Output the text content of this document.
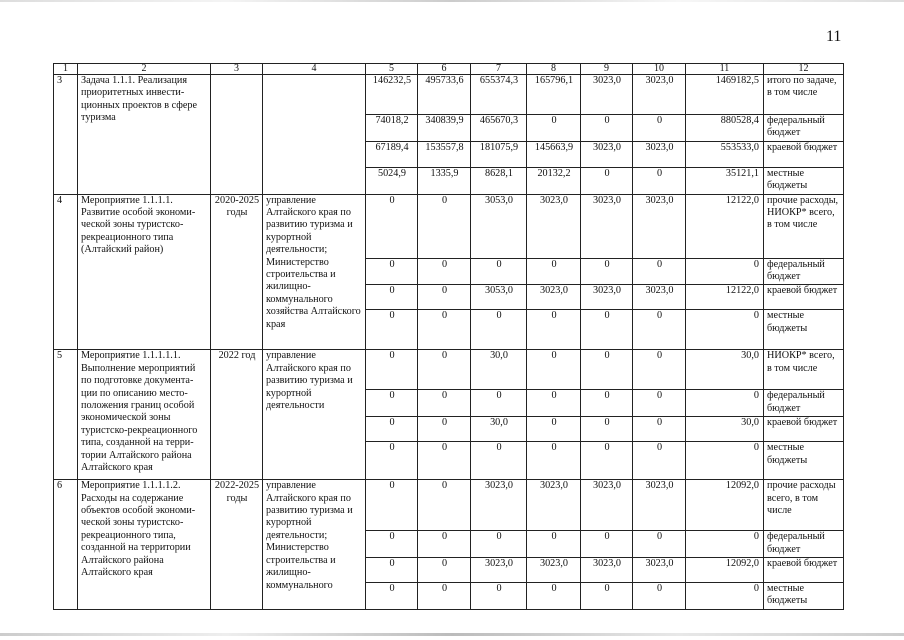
11
1	2	3	4	5	6	7	8	9	10	11	12
3	Задача 1.1.1. Реализация приоритетных инвести-ционных проектов в сфере туризма			146232,5	495733,6	655374,3	165796,1	3023,0	3023,0	1469182,5	итого по задаче, в том числе
				74018,2	340839,9	465670,3	0	0	0	880528,4	федеральный бюджет
				67189,4	153557,8	181075,9	145663,9	3023,0	3023,0	553533,0	краевой бюджет
				5024,9	1335,9	8628,1	20132,2	0	0	35121,1	местные бюджеты
4	Мероприятие 1.1.1.1. Развитие особой экономи-ческой зоны туристско-рекреационного типа (Алтайский район)	2020-2025 годы	управление Алтайского края по развитию туризма и курортной деятельности; Министерство строительства и жилищно-коммунального хозяйства Алтайского края	0	0	3053,0	3023,0	3023,0	3023,0	12122,0	прочие расходы, НИОКР* всего, в том числе
				0	0	0	0	0	0	0	федеральный бюджет
				0	0	3053,0	3023,0	3023,0	3023,0	12122,0	краевой бюджет
				0	0	0	0	0	0	0	местные бюджеты
5	Мероприятие 1.1.1.1.1. Выполнение мероприятий по подготовке документа-ции по описанию место-положения границ особой экономической зоны туристско-рекреационного типа, созданной на терри-тории Алтайского района Алтайского края	2022 год	управление Алтайского края по развитию туризма и курортной деятельности	0	0	30,0	0	0	0	30,0	НИОКР* всего, в том числе
				0	0	0	0	0	0	0	федеральный бюджет
				0	0	30,0	0	0	0	30,0	краевой бюджет
				0	0	0	0	0	0	0	местные бюджеты
6	Мероприятие 1.1.1.1.2. Расходы на содержание объектов особой экономи-ческой зоны туристско-рекреационного типа, созданной на территории Алтайского района Алтайского края	2022-2025 годы	управление Алтайского края по развитию туризма и курортной деятельности; Министерство строительства и жилищно-коммунального	0	0	3023,0	3023,0	3023,0	3023,0	12092,0	прочие расходы всего, в том числе
				0	0	0	0	0	0	0	федеральный бюджет
				0	0	3023,0	3023,0	3023,0	3023,0	12092,0	краевой бюджет
				0	0	0	0	0	0	0	местные бюджеты
